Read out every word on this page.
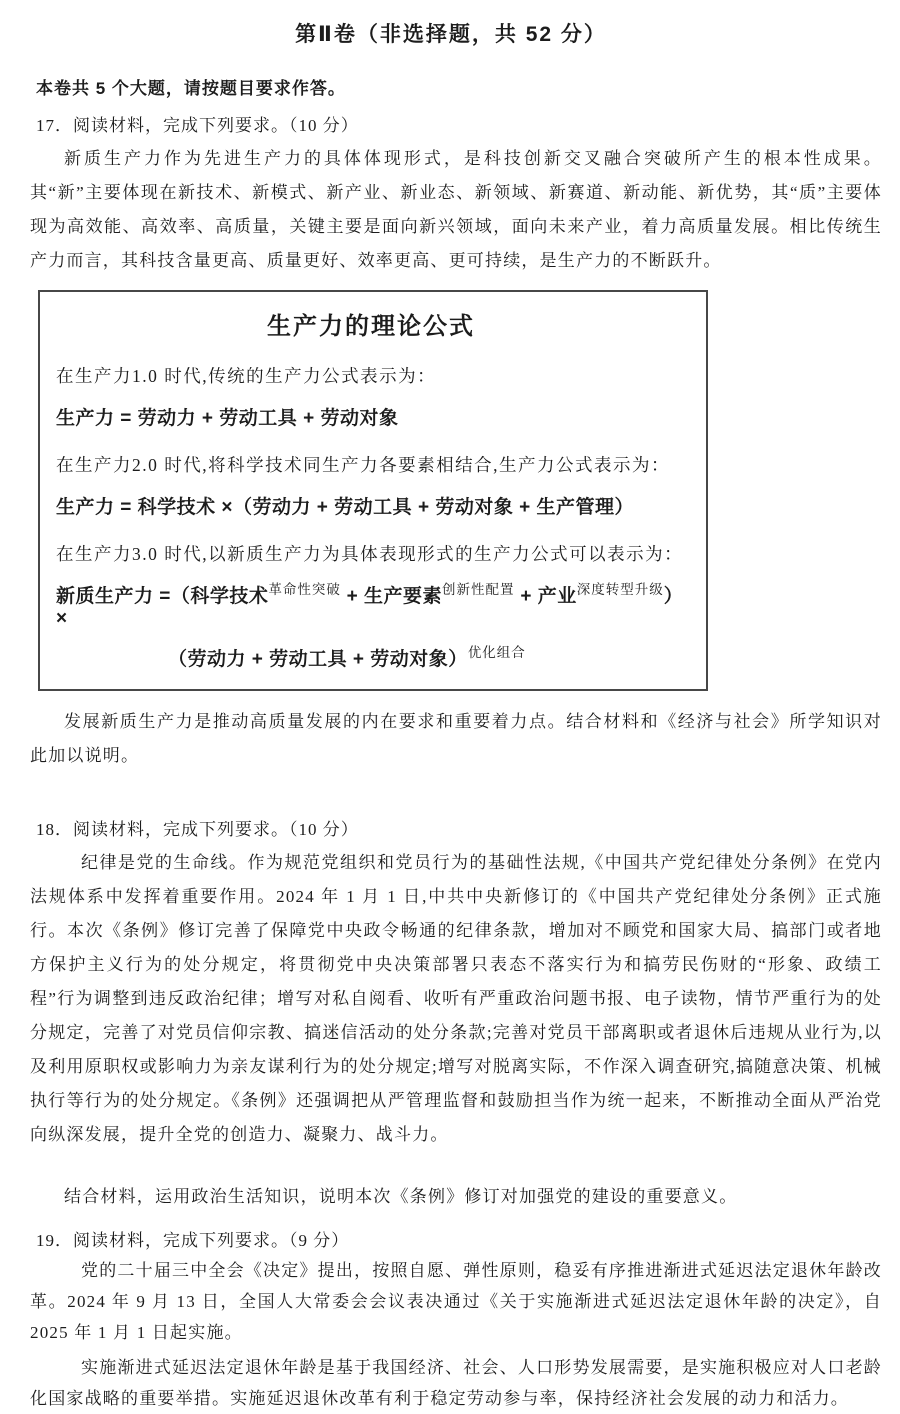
第Ⅱ卷（非选择题，共 52 分）
本卷共 5 个大题，请按题目要求作答。
17．阅读材料，完成下列要求。（10 分）

新质生产力作为先进生产力的具体体现形式，是科技创新交叉融合突破所产生的根本性成果。其“新”主要体现在新技术、新模式、新产业、新业态、新领域、新赛道、新动能、新优势，其“质”主要体现为高效能、高效率、高质量，关键主要是面向新兴领域，面向未来产业，着力高质量发展。相比传统生产力而言，其科技含量更高、质量更好、效率更高、更可持续，是生产力的不断跃升。

生产力的理论公式

在生产力1.0 时代,传统的生产力公式表示为：

生产力 = 劳动力 + 劳动工具 + 劳动对象

在生产力2.0 时代,将科学技术同生产力各要素相结合,生产力公式表示为：

生产力 = 科学技术 ×（劳动力 + 劳动工具 + 劳动对象 + 生产管理）

在生产力3.0 时代,以新质生产力为具体表现形式的生产力公式可以表示为：

新质生产力 =（科学技术革命性突破 + 生产要素创新性配置 + 产业深度转型升级）×

（劳动力 + 劳动工具 + 劳动对象）优化组合

发展新质生产力是推动高质量发展的内在要求和重要着力点。结合材料和《经济与社会》所学知识对此加以说明。

18．阅读材料，完成下列要求。（10 分）

纪律是党的生命线。作为规范党组织和党员行为的基础性法规,《中国共产党纪律处分条例》在党内法规体系中发挥着重要作用。2024 年 1 月 1 日,中共中央新修订的《中国共产党纪律处分条例》正式施行。本次《条例》修订完善了保障党中央政令畅通的纪律条款，增加对不顾党和国家大局、搞部门或者地方保护主义行为的处分规定，将贯彻党中央决策部署只表态不落实行为和搞劳民伤财的“形象、政绩工程”行为调整到违反政治纪律；增写对私自阅看、收听有严重政治问题书报、电子读物，情节严重行为的处分规定，完善了对党员信仰宗教、搞迷信活动的处分条款;完善对党员干部离职或者退休后违规从业行为,以及利用原职权或影响力为亲友谋利行为的处分规定;增写对脱离实际，不作深入调查研究,搞随意决策、机械执行等行为的处分规定。《条例》还强调把从严管理监督和鼓励担当作为统一起来，不断推动全面从严治党向纵深发展，提升全党的创造力、凝聚力、战斗力。

结合材料，运用政治生活知识，说明本次《条例》修订对加强党的建设的重要意义。

19．阅读材料，完成下列要求。（9 分）

党的二十届三中全会《决定》提出，按照自愿、弹性原则，稳妥有序推进渐进式延迟法定退休年龄改革。2024 年 9 月 13 日，全国人大常委会会议表决通过《关于实施渐进式延迟法定退休年龄的决定》，自 2025 年 1 月 1 日起实施。

实施渐进式延迟法定退休年龄是基于我国经济、社会、人口形势发展需要，是实施积极应对人口老龄化国家战略的重要举措。实施延迟退休改革有利于稳定劳动参与率，保持经济社会发展的动力和活力。
